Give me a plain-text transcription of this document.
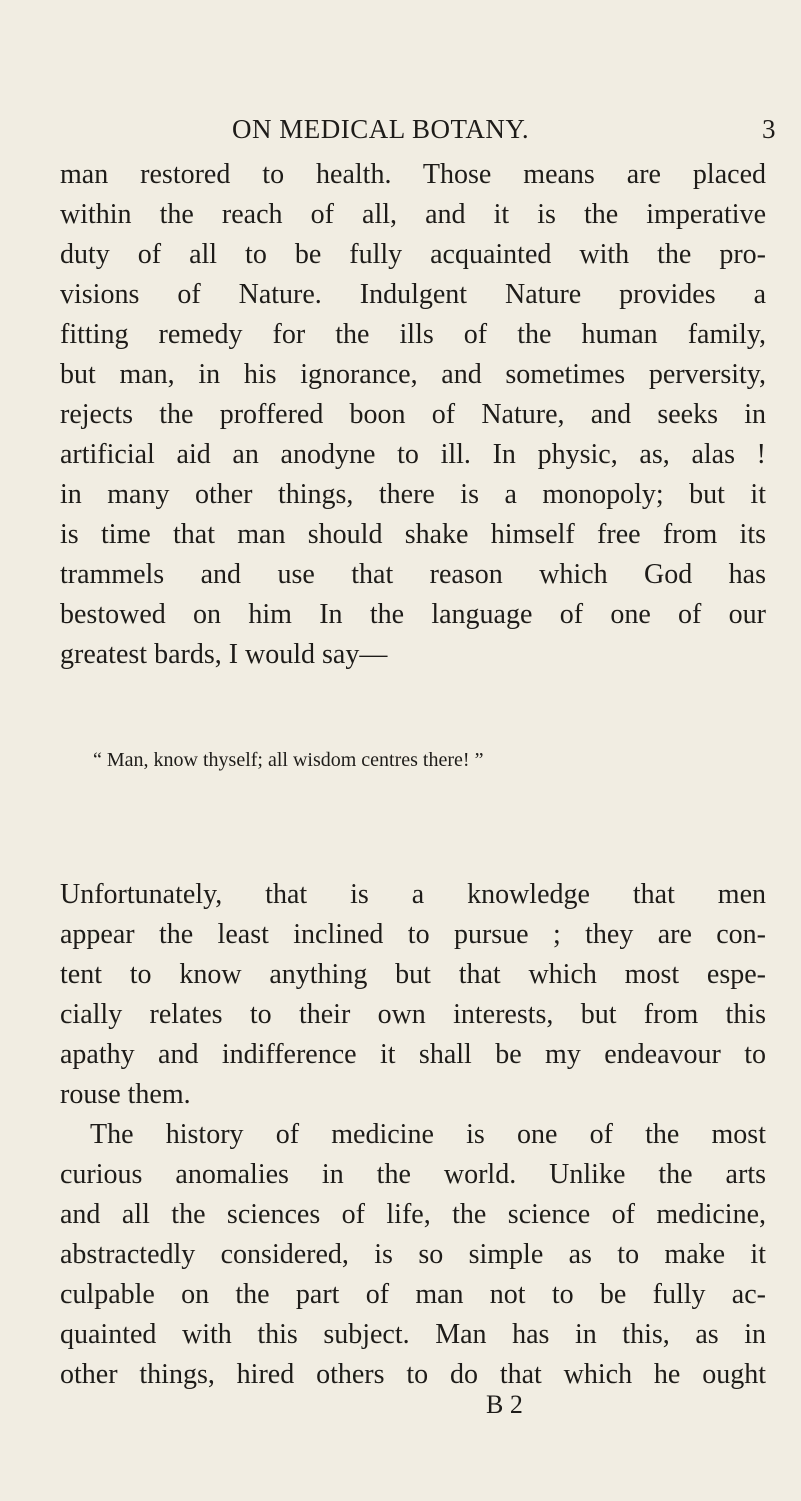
ON MEDICAL BOTANY.	3
man restored to health. Those means are placed
within the reach of all, and it is the imperative
duty of all to be fully acquainted with the pro-
visions of Nature. Indulgent Nature provides a
fitting remedy for the ills of the human family,
but man, in his ignorance, and sometimes perversity,
rejects the proffered boon of Nature, and seeks in
artificial aid an anodyne to ill. In physic, as, alas !
in many other things, there is a monopoly; but it
is time that man should shake himself free from its
trammels and use that reason which God has
bestowed on him In the language of one of our
greatest bards, I would say—
“ Man, know thyself; all wisdom centres there! ”
Unfortunately, that is a knowledge that men
appear the least inclined to pursue ; they are con-
tent to know anything but that which most espe-
cially relates to their own interests, but from this
apathy and indifference it shall be my endeavour to
rouse them.
The history of medicine is one of the most
curious anomalies in the world. Unlike the arts
and all the sciences of life, the science of medicine,
abstractedly considered, is so simple as to make it
culpable on the part of man not to be fully ac-
quainted with this subject. Man has in this, as in
other things, hired others to do that which he ought
B 2
